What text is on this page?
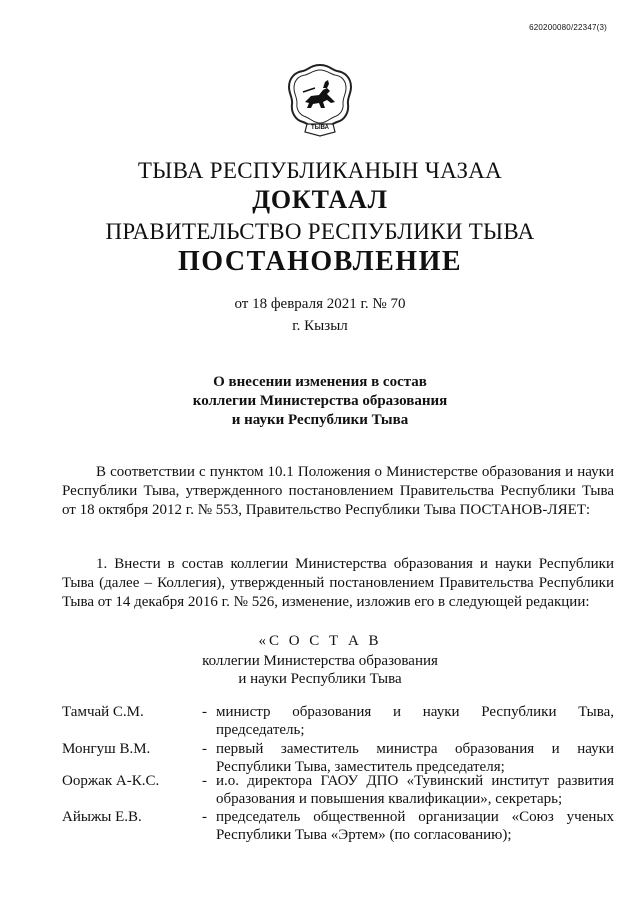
620200080/22347(3)
ТЫВА
ТЫВА РЕСПУБЛИКАНЫН ЧАЗАА
ДОКТААЛ
ПРАВИТЕЛЬСТВО РЕСПУБЛИКИ ТЫВА
ПОСТАНОВЛЕНИЕ
от 18 февраля 2021 г. № 70
г. Кызыл
О внесении изменения в состав
коллегии Министерства образования
и науки Республики Тыва
В соответствии с пунктом 10.1 Положения о Министерстве образования и науки Республики Тыва, утвержденного постановлением Правительства Республики Тыва от 18 октября 2012 г. № 553, Правительство Республики Тыва ПОСТАНОВ-ЛЯЕТ:
1. Внести в состав коллегии Министерства образования и науки Республики Тыва (далее – Коллегия), утвержденный постановлением Правительства Республики Тыва от 14 декабря 2016 г. № 526, изменение, изложив его в следующей редакции:
«С О С Т А В
коллегии Министерства образования
и науки Республики Тыва
Тамчай С.М.	- министр образования и науки Республики Тыва, председатель;
Монгуш В.М.	- первый заместитель министра образования и науки Республики Тыва, заместитель председателя;
Ооржак А-К.С.	- и.о. директора ГАОУ ДПО «Тувинский институт развития образования и повышения квалификации», секретарь;
Айыжы Е.В.	- председатель общественной организации «Союз ученых Республики Тыва «Эртем» (по согласованию);
